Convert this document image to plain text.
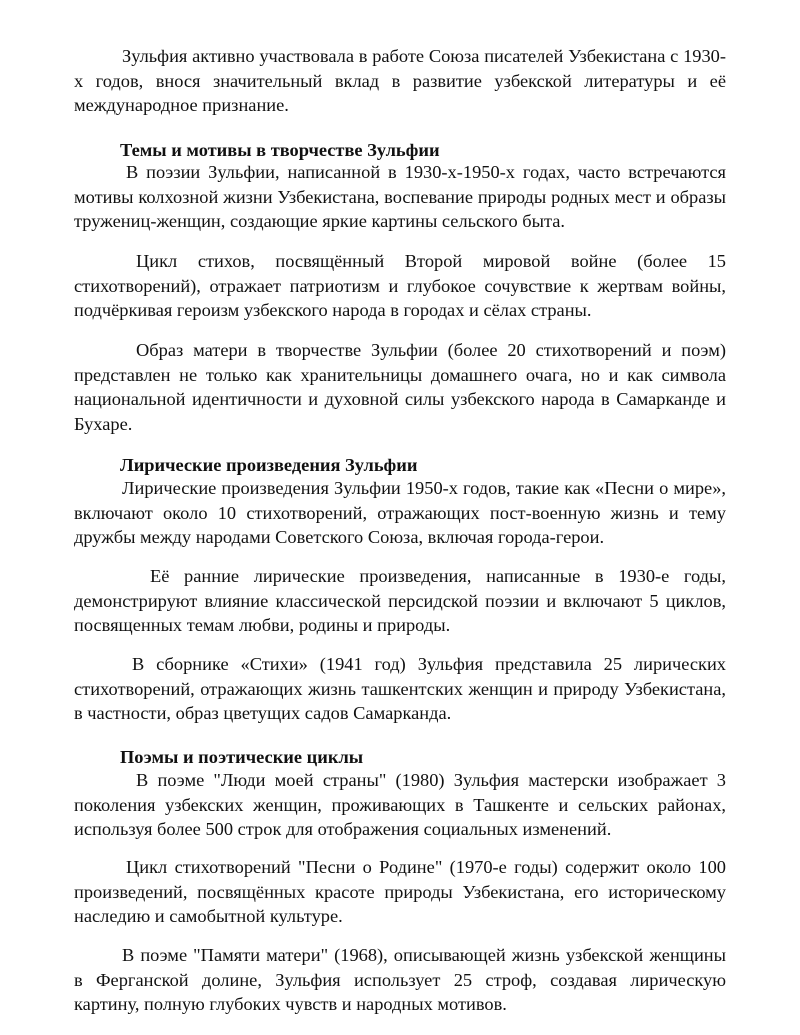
Зульфия активно участвовала в работе Союза писателей Узбекистана с 1930-х годов, внося значительный вклад в развитие узбекской литературы и её международное признание.

Темы и мотивы в творчестве Зульфии

В поэзии Зульфии, написанной в 1930-х-1950-х годах, часто встречаются мотивы колхозной жизни Узбекистана, воспевание природы родных мест и образы тружениц-женщин, создающие яркие картины сельского быта.

Цикл стихов, посвящённый Второй мировой войне (более 15 стихотворений), отражает патриотизм и глубокое сочувствие к жертвам войны, подчёркивая героизм узбекского народа в городах и сёлах страны.

Образ матери в творчестве Зульфии (более 20 стихотворений и поэм) представлен не только как хранительницы домашнего очага, но и как символа национальной идентичности и духовной силы узбекского народа в Самарканде и Бухаре.

Лирические произведения Зульфии

Лирические произведения Зульфии 1950-х годов, такие как «Песни о мире», включают около 10 стихотворений, отражающих пост-военную жизнь и тему дружбы между народами Советского Союза, включая города-герои.

Её ранние лирические произведения, написанные в 1930-е годы, демонстрируют влияние классической персидской поэзии и включают 5 циклов, посвященных темам любви, родины и природы.

В сборнике «Стихи» (1941 год) Зульфия представила 25 лирических стихотворений, отражающих жизнь ташкентских женщин и природу Узбекистана, в частности, образ цветущих садов Самарканда.

Поэмы и поэтические циклы

В поэме "Люди моей страны" (1980) Зульфия мастерски изображает 3 поколения узбекских женщин, проживающих в Ташкенте и сельских районах, используя более 500 строк для отображения социальных изменений.

Цикл стихотворений "Песни о Родине" (1970-е годы) содержит около 100 произведений, посвящённых красоте природы Узбекистана, его историческому наследию и самобытной культуре.

В поэме "Памяти матери" (1968), описывающей жизнь узбекской женщины в Ферганской долине, Зульфия использует 25 строф, создавая лирическую картину, полную глубоких чувств и народных мотивов.
